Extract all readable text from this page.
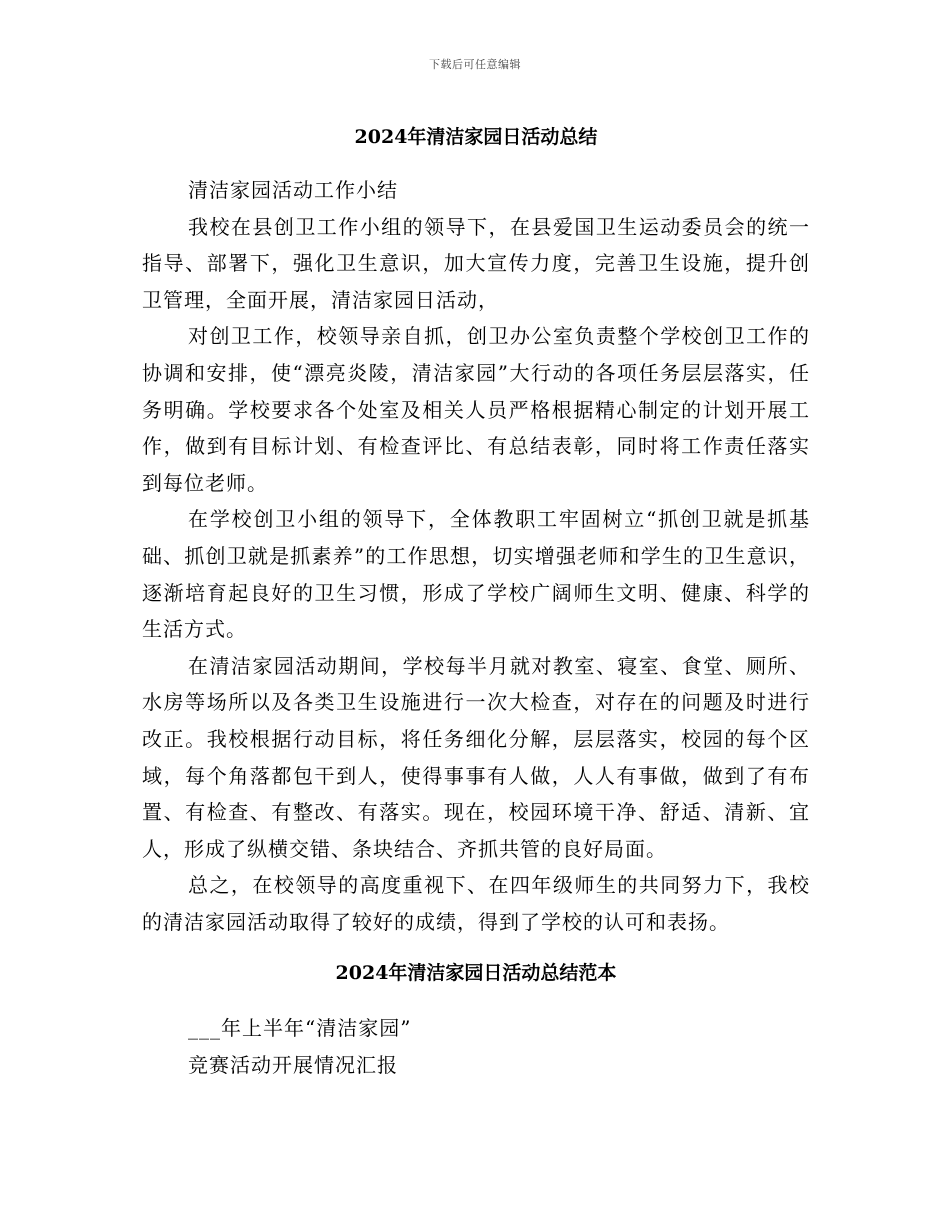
下载后可任意编辑
2024年清洁家园日活动总结

清洁家园活动工作小结

我校在县创卫工作小组的领导下，在县爱国卫生运动委员会的统一指导、部署下，强化卫生意识，加大宣传力度，完善卫生设施，提升创卫管理，全面开展，清洁家园日活动，

对创卫工作，校领导亲自抓，创卫办公室负责整个学校创卫工作的协调和安排，使“漂亮炎陵，清洁家园”大行动的各项任务层层落实，任务明确。学校要求各个处室及相关人员严格根据精心制定的计划开展工作，做到有目标计划、有检查评比、有总结表彰，同时将工作责任落实到每位老师。

在学校创卫小组的领导下，全体教职工牢固树立“抓创卫就是抓基础、抓创卫就是抓素养”的工作思想，切实增强老师和学生的卫生意识，逐渐培育起良好的卫生习惯，形成了学校广阔师生文明、健康、科学的生活方式。

在清洁家园活动期间，学校每半月就对教室、寝室、食堂、厕所、水房等场所以及各类卫生设施进行一次大检查，对存在的问题及时进行改正。我校根据行动目标，将任务细化分解，层层落实，校园的每个区域，每个角落都包干到人，使得事事有人做，人人有事做，做到了有布置、有检查、有整改、有落实。现在，校园环境干净、舒适、清新、宜人，形成了纵横交错、条块结合、齐抓共管的良好局面。

总之，在校领导的高度重视下、在四年级师生的共同努力下，我校的清洁家园活动取得了较好的成绩，得到了学校的认可和表扬。

2024年清洁家园日活动总结范本

___年上半年“清洁家园”

竞赛活动开展情况汇报
